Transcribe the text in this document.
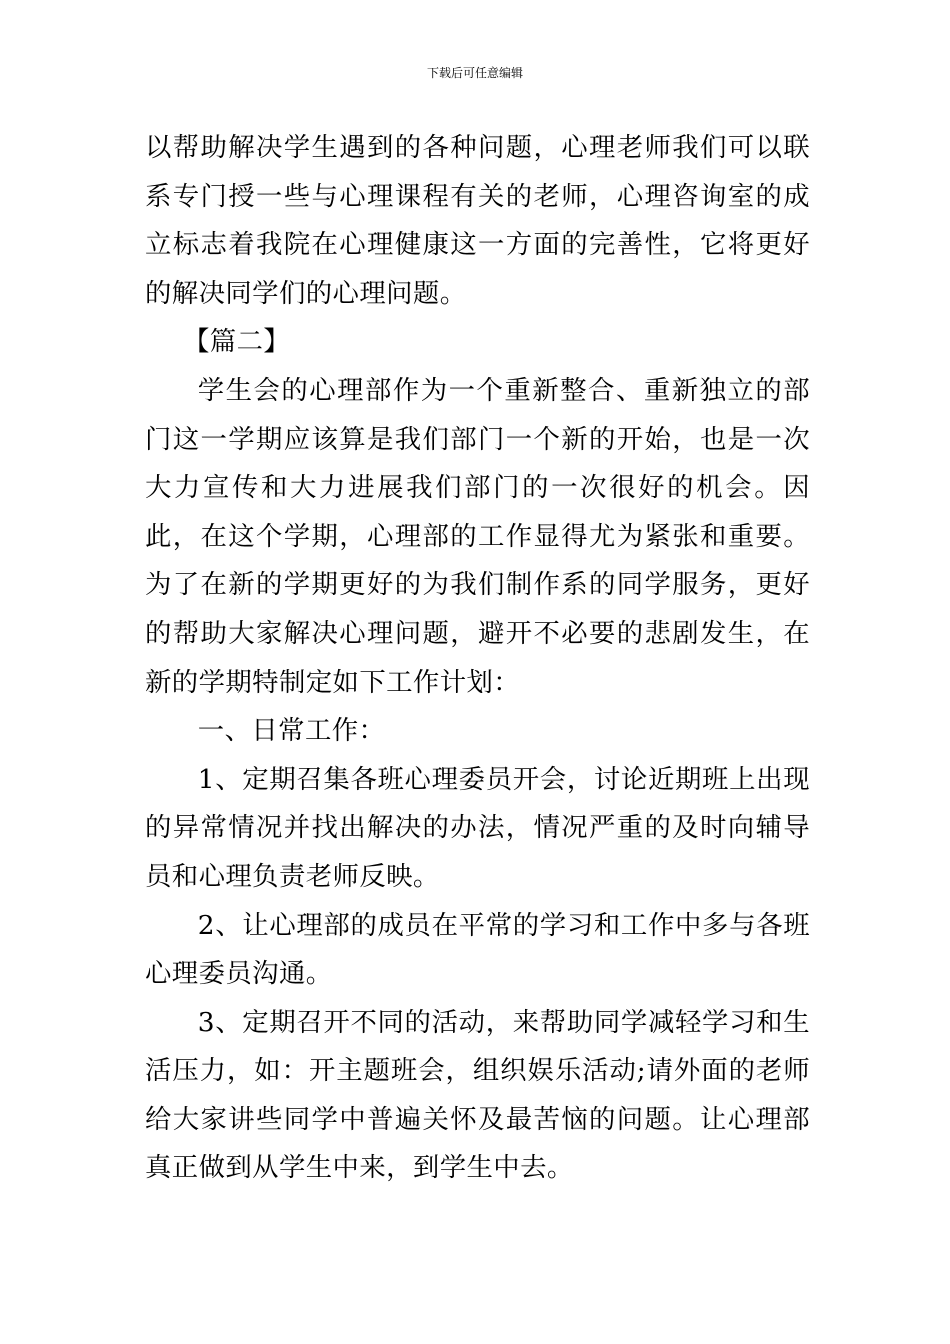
下载后可任意编辑

以帮助解决学生遇到的各种问题，心理老师我们可以联系专门授一些与心理课程有关的老师，心理咨询室的成立标志着我院在心理健康这一方面的完善性，它将更好的解决同学们的心理问题。

【篇二】

学生会的心理部作为一个重新整合、重新独立的部门这一学期应该算是我们部门一个新的开始，也是一次大力宣传和大力进展我们部门的一次很好的机会。因此，在这个学期，心理部的工作显得尤为紧张和重要。为了在新的学期更好的为我们制作系的同学服务，更好的帮助大家解决心理问题，避开不必要的悲剧发生，在新的学期特制定如下工作计划：

一、日常工作：

1、定期召集各班心理委员开会，讨论近期班上出现的异常情况并找出解决的办法，情况严重的及时向辅导员和心理负责老师反映。

2、让心理部的成员在平常的学习和工作中多与各班心理委员沟通。

3、定期召开不同的活动，来帮助同学减轻学习和生活压力，如：开主题班会，组织娱乐活动;请外面的老师给大家讲些同学中普遍关怀及最苦恼的问题。让心理部真正做到从学生中来，到学生中去。
